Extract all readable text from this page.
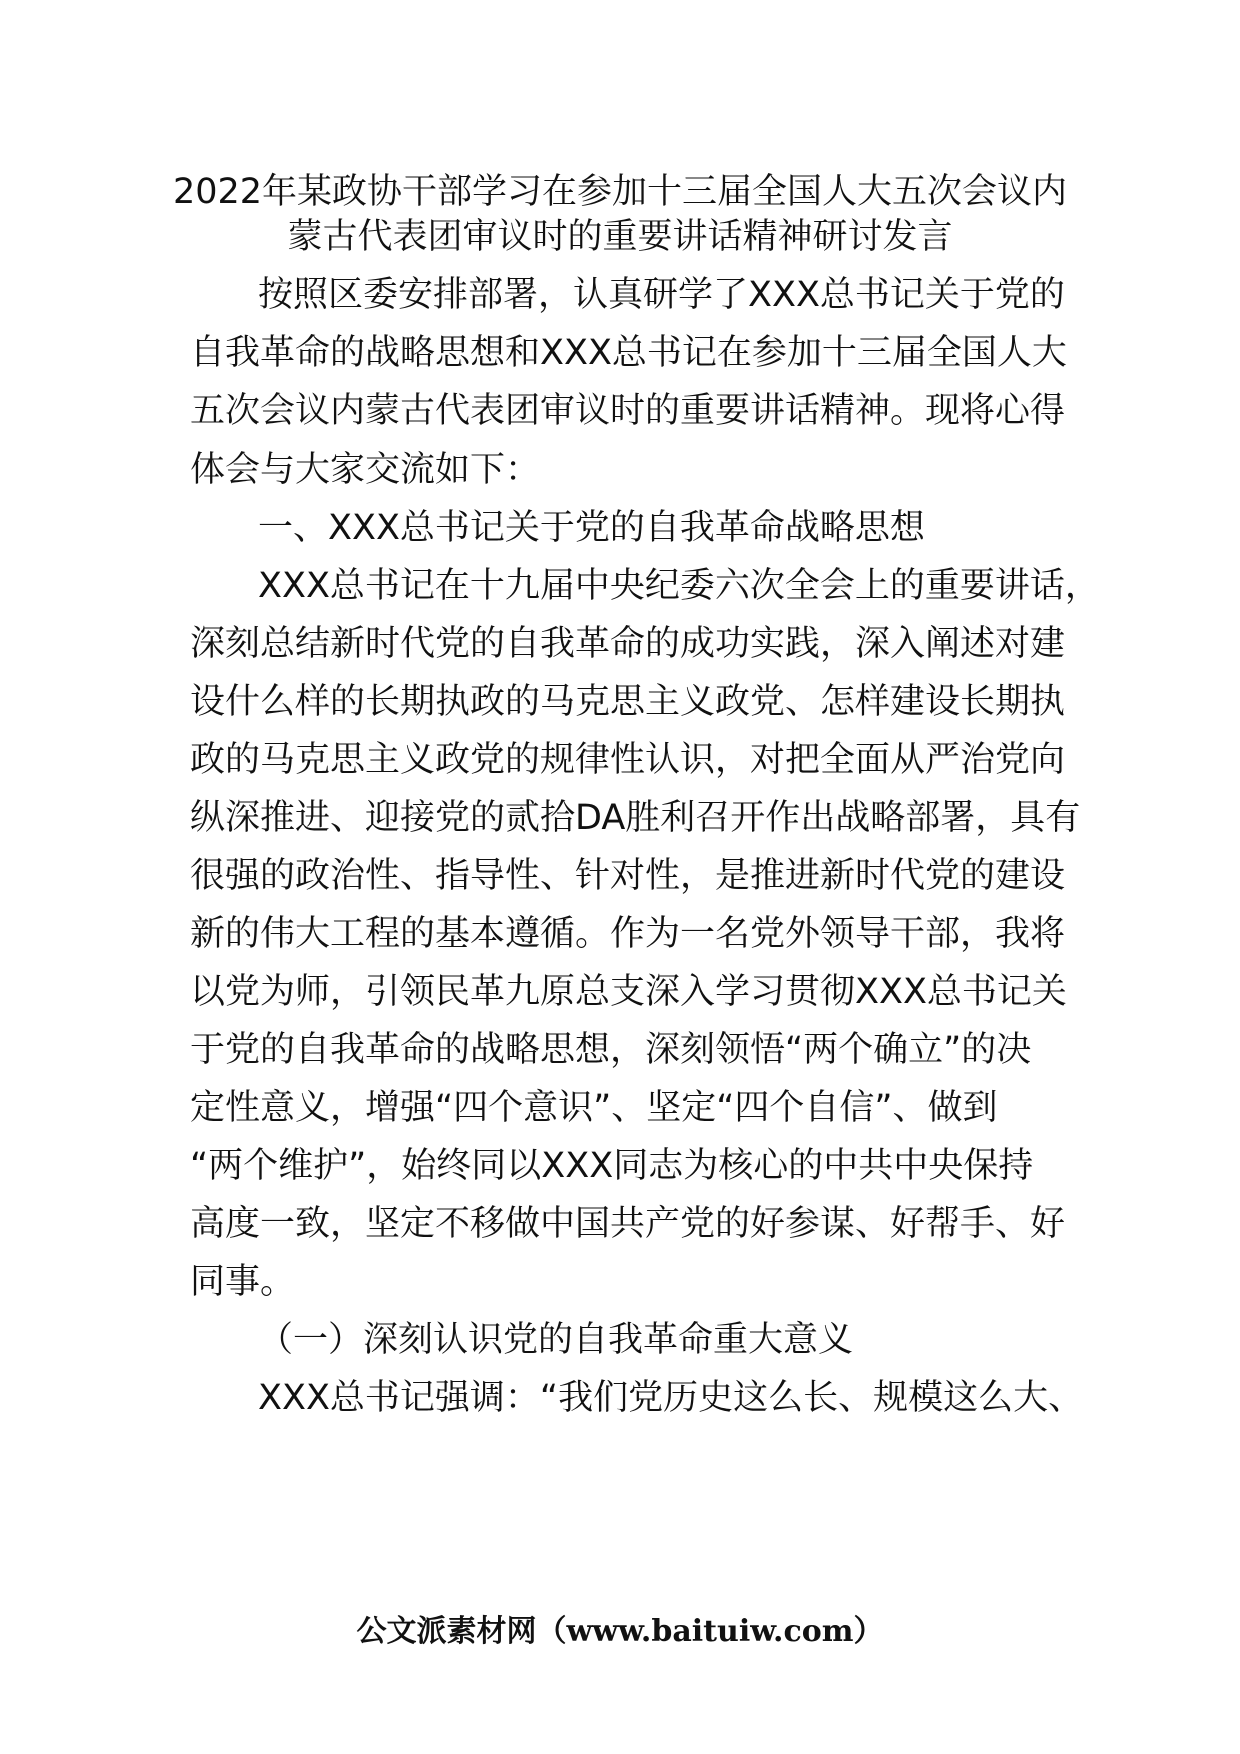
2022年某政协干部学习在参加十三届全国人大五次会议内
蒙古代表团审议时的重要讲话精神研讨发言
按照区委安排部署，认真研学了XXX总书记关于党的
自我革命的战略思想和XXX总书记在参加十三届全国人大
五次会议内蒙古代表团审议时的重要讲话精神。现将心得
体会与大家交流如下：
一、XXX总书记关于党的自我革命战略思想
XXX总书记在十九届中央纪委六次全会上的重要讲话，
深刻总结新时代党的自我革命的成功实践，深入阐述对建
设什么样的长期执政的马克思主义政党、怎样建设长期执
政的马克思主义政党的规律性认识，对把全面从严治党向
纵深推进、迎接党的贰拾DA胜利召开作出战略部署，具有
很强的政治性、指导性、针对性，是推进新时代党的建设
新的伟大工程的基本遵循。作为一名党外领导干部，我将
以党为师，引领民革九原总支深入学习贯彻XXX总书记关
于党的自我革命的战略思想，深刻领悟“两个确立”的决
定性意义，增强“四个意识”、坚定“四个自信”、做到
“两个维护”，始终同以XXX同志为核心的中共中央保持
高度一致，坚定不移做中国共产党的好参谋、好帮手、好
同事。
（一）深刻认识党的自我革命重大意义
XXX总书记强调：“我们党历史这么长、规模这么大、
公文派素材网（www.baituiw.com）
